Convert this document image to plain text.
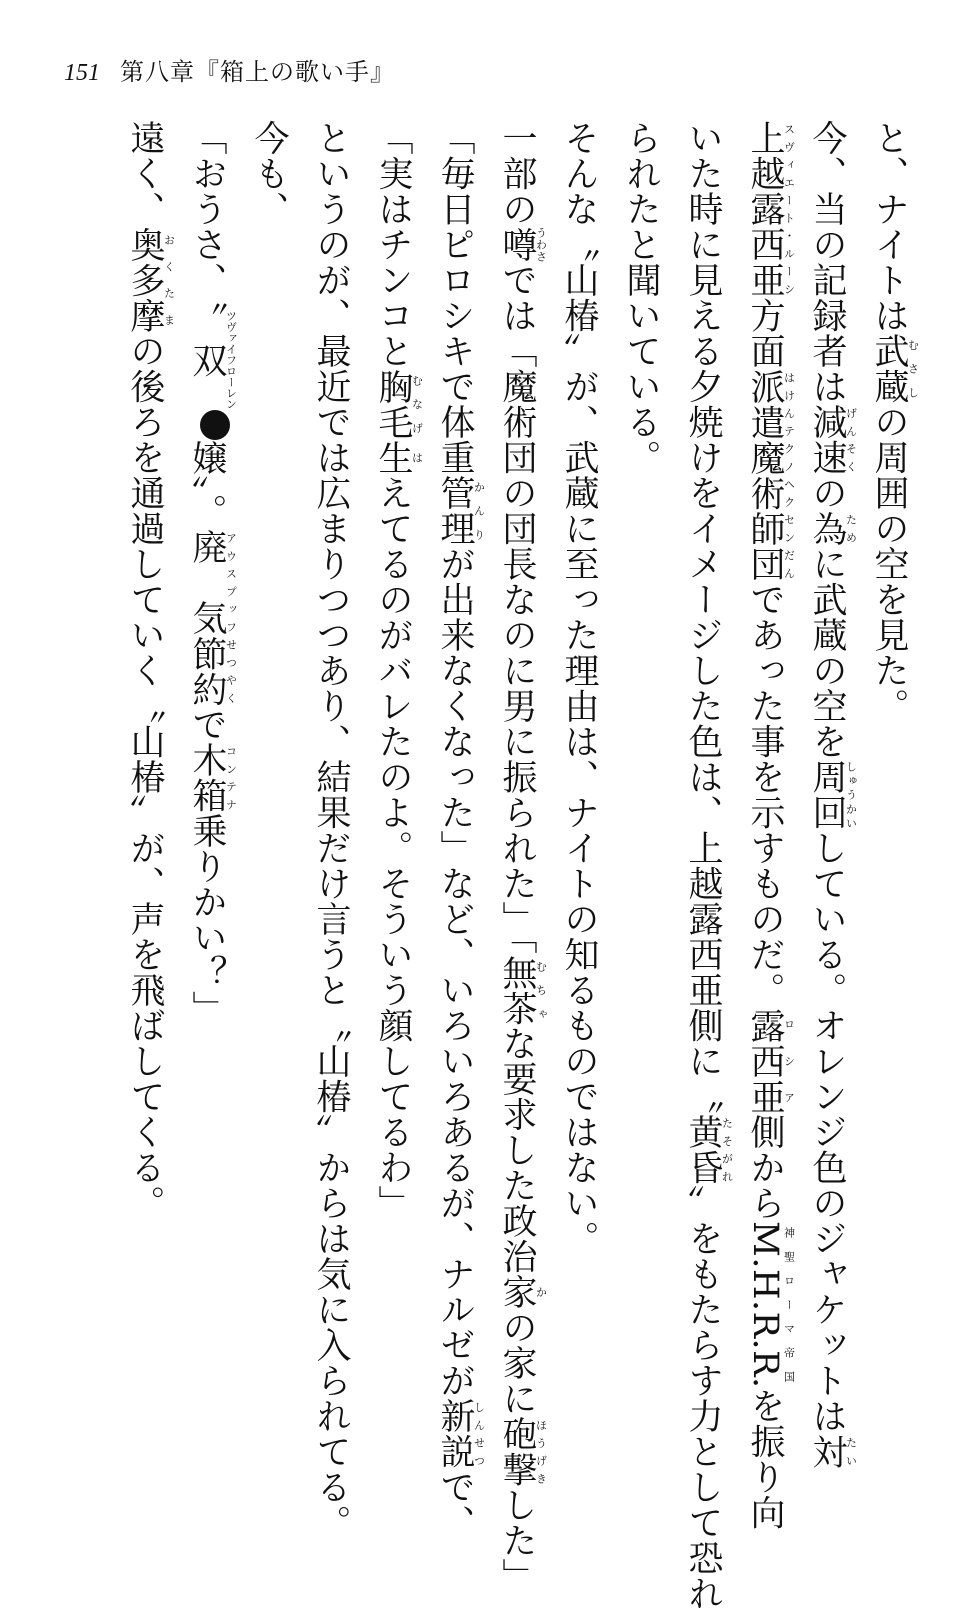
151 第八章『箱上の歌い手』
と、ナイトは武蔵むさしの周囲の空を見た。
今、当の記録者は減速げんそくの為ために武蔵の空を周回しゅうかいしている。オレンジ色のジャケットは対たい
上越露西亜スヴィエート・ルーシ方面派遣魔術師はけんテクノヘクセン団だんであった事を示すものだ。露西亜ロシア側からM.H.R.R.神聖ローマ帝国を振り向
いた時に見える夕焼けをイメージした色は、上越露西亜側に〝黄昏たそがれ〟をもたらす力として恐れ
られたと聞いている。
そんな〝山椿〟が、武蔵に至った理由は、ナイトの知るものではない。
一部の噂うわさでは「魔術団の団長なのに男に振られた」「無茶むちゃな要求した政治家かの家に砲撃ほうげきした」
「毎日ピロシキで体重管理かんりが出来なくなった」など、いろいろあるが、ナルゼが新説しんせつで、
「実はチンコと胸毛むなげ生はえてるのがバレたのよ。そういう顔してるわ」
というのが、最近では広まりつつあり、結果だけ言うと〝山椿〟からは気に入られてる。
今も、
「おうさ、〝双ツヴァイフローレン　嬢〟。廃　気アウスプッフ節約せつやくで木箱コンテナ乗りかい？」
遠く、奥多摩おくたまの後ろを通過していく〝山椿〟が、声を飛ばしてくる。
